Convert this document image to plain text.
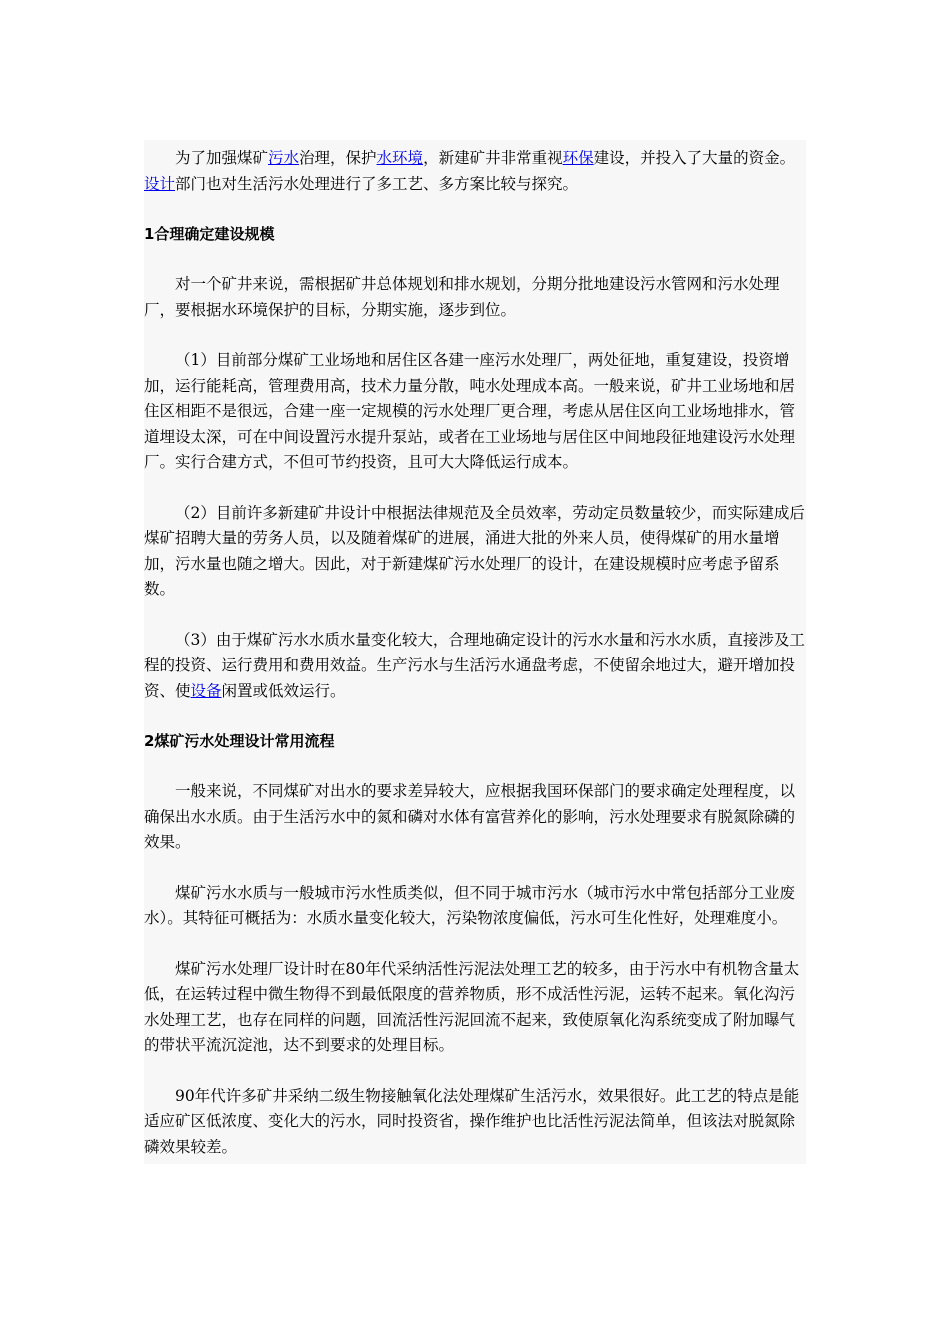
为了加强煤矿污水治理，保护水环境，新建矿井非常重视环保建设，并投入了大量的资金。设计部门也对生活污水处理进行了多工艺、多方案比较与探究。

1合理确定建设规模

对一个矿井来说，需根据矿井总体规划和排水规划，分期分批地建设污水管网和污水处理厂，要根据水环境保护的目标，分期实施，逐步到位。

（1）目前部分煤矿工业场地和居住区各建一座污水处理厂，两处征地，重复建设，投资增加，运行能耗高，管理费用高，技术力量分散，吨水处理成本高。一般来说，矿井工业场地和居住区相距不是很远，合建一座一定规模的污水处理厂更合理，考虑从居住区向工业场地排水，管道埋设太深，可在中间设置污水提升泵站，或者在工业场地与居住区中间地段征地建设污水处理厂。实行合建方式，不但可节约投资，且可大大降低运行成本。

（2）目前许多新建矿井设计中根据法律规范及全员效率，劳动定员数量较少，而实际建成后煤矿招聘大量的劳务人员，以及随着煤矿的进展，涌进大批的外来人员，使得煤矿的用水量增加，污水量也随之增大。因此，对于新建煤矿污水处理厂的设计，在建设规模时应考虑予留系数。

（3）由于煤矿污水水质水量变化较大，合理地确定设计的污水水量和污水水质，直接涉及工程的投资、运行费用和费用效益。生产污水与生活污水通盘考虑，不使留余地过大，避开增加投资、使设备闲置或低效运行。

2煤矿污水处理设计常用流程

一般来说，不同煤矿对出水的要求差异较大，应根据我国环保部门的要求确定处理程度，以确保出水水质。由于生活污水中的氮和磷对水体有富营养化的影响，污水处理要求有脱氮除磷的效果。

煤矿污水水质与一般城市污水性质类似，但不同于城市污水（城市污水中常包括部分工业废水）。其特征可概括为：水质水量变化较大，污染物浓度偏低，污水可生化性好，处理难度小。

煤矿污水处理厂设计时在80年代采纳活性污泥法处理工艺的较多，由于污水中有机物含量太低，在运转过程中微生物得不到最低限度的营养物质，形不成活性污泥，运转不起来。氧化沟污水处理工艺，也存在同样的问题，回流活性污泥回流不起来，致使原氧化沟系统变成了附加曝气的带状平流沉淀池，达不到要求的处理目标。

90年代许多矿井采纳二级生物接触氧化法处理煤矿生活污水，效果很好。此工艺的特点是能适应矿区低浓度、变化大的污水，同时投资省，操作维护也比活性污泥法简单，但该法对脱氮除磷效果较差。
